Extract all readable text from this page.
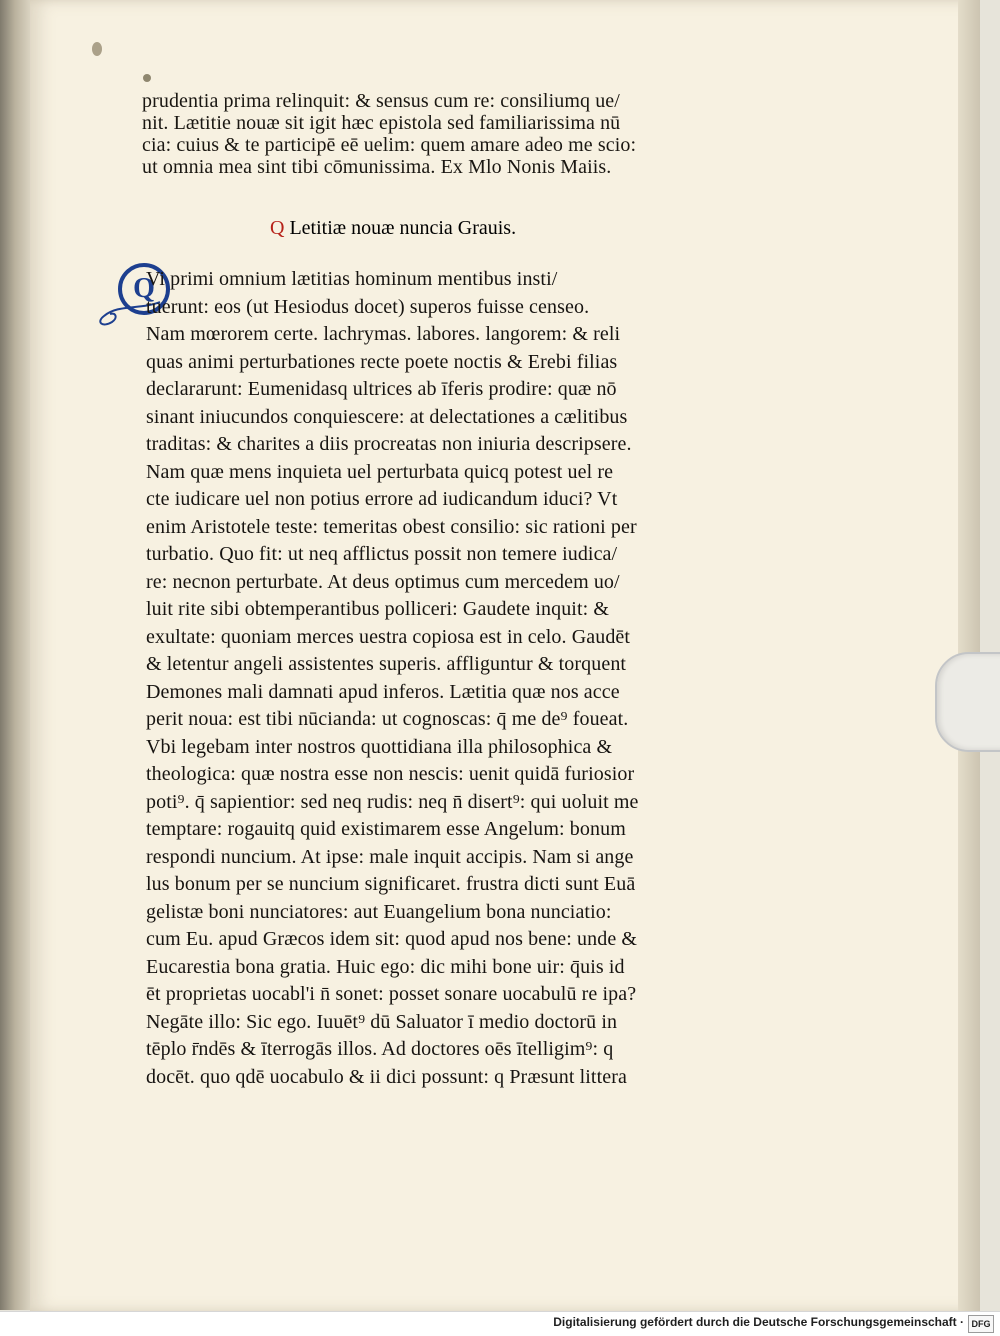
prudentia prima relinquit: & sensus cum re: consiliumq ue/
nit. Lætitie nouæ sit igit hæc epistola sed familiarissima nū
cia: cuius & te participē eē uelim: quem amare adeo me scio:
ut omnia mea sint tibi cōmunissima. Ex Mlo Nonis Maiis.
Q Letitiæ nouæ nuncia Grauis.
Q
Vi primi omnium lætitias hominum mentibus insti/
tuerunt: eos (ut Hesiodus docet) superos fuisse censeo.
Nam mœrorem certe. lachrymas. labores. langorem: & reli
quas animi perturbationes recte poete noctis & Erebi filias
declararunt: Eumenidasq ultrices ab īferis prodire: quæ nō
sinant iniucundos conquiescere: at delectationes a cælitibus
traditas: & charites a diis procreatas non iniuria descripsere.
Nam quæ mens inquieta uel perturbata quicq potest uel re
cte iudicare uel non potius errore ad iudicandum iduci? Vt
enim Aristotele teste: temeritas obest consilio: sic rationi per
turbatio. Quo fit: ut neq afflictus possit non temere iudica/
re: necnon perturbate. At deus optimus cum mercedem uo/
luit rite sibi obtemperantibus polliceri: Gaudete inquit: &
exultate: quoniam merces uestra copiosa est in celo. Gaudēt
& letentur angeli assistentes superis. affliguntur & torquent
Demones mali damnati apud inferos. Lætitia quæ nos acce
perit noua: est tibi nūcianda: ut cognoscas: q̄ me de⁹ foueat.
Vbi legebam inter nostros quottidiana illa philosophica &
theologica: quæ nostra esse non nescis: uenit quidā furiosior
poti⁹. q̄ sapientior: sed neq rudis: neq n̄ disert⁹: qui uoluit me
temptare: rogauitq quid existimarem esse Angelum: bonum
respondi nuncium. At ipse: male inquit accipis. Nam si ange
lus bonum per se nuncium significaret. frustra dicti sunt Euā
gelistæ boni nunciatores: aut Euangelium bona nunciatio:
cum Eu. apud Græcos idem sit: quod apud nos bene: unde &
Eucarestia bona gratia. Huic ego: dic mihi bone uir: q̄uis id
ēt proprietas uocabl'i n̄ sonet: posset sonare uocabulū re ipa?
Negāte illo: Sic ego. Iuuēt⁹ dū Saluator ī medio doctorū in
tēplo r̄ndēs & īterrogās illos. Ad doctores oēs ītelligim⁹: q
docēt. quo qdē uocabulo & ii dici possunt: q Præsunt littera
Digitalisierung gefördert durch die Deutsche Forschungsgemeinschaft · DFG
